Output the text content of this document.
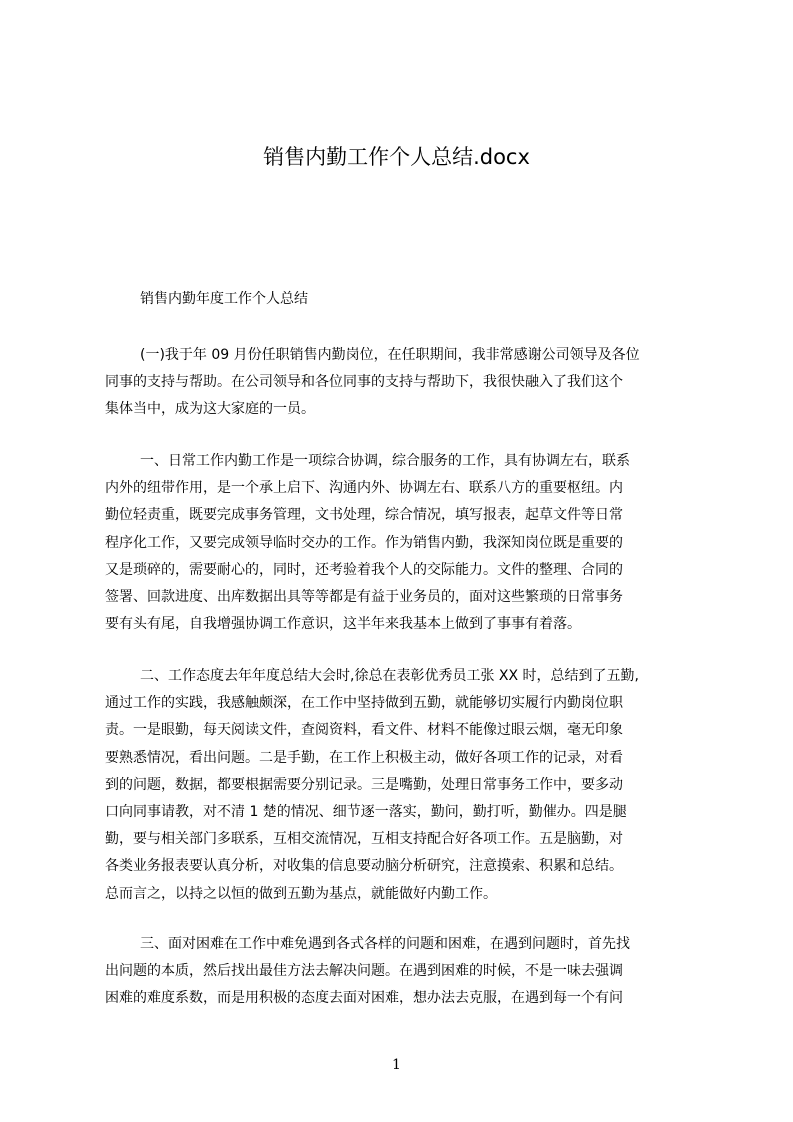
销售内勤工作个人总结.docx

销售内勤年度工作个人总结

(一)我于年 09 月份任职销售内勤岗位，在任职期间，我非常感谢公司领导及各位
同事的支持与帮助。在公司领导和各位同事的支持与帮助下，我很快融入了我们这个
集体当中，成为这大家庭的一员。
一、日常工作内勤工作是一项综合协调，综合服务的工作，具有协调左右，联系
内外的纽带作用，是一个承上启下、沟通内外、协调左右、联系八方的重要枢纽。内
勤位轻责重，既要完成事务管理，文书处理，综合情况，填写报表，起草文件等日常
程序化工作，又要完成领导临时交办的工作。作为销售内勤，我深知岗位既是重要的
又是琐碎的，需要耐心的，同时，还考验着我个人的交际能力。文件的整理、合同的
签署、回款进度、出库数据出具等等都是有益于业务员的，面对这些繁琐的日常事务
要有头有尾，自我增强协调工作意识，这半年来我基本上做到了事事有着落。
二、工作态度去年年度总结大会时,徐总在表彰优秀员工张 XX 时，总结到了五勤,
通过工作的实践，我感触颇深，在工作中坚持做到五勤，就能够切实履行内勤岗位职
责。一是眼勤，每天阅读文件，查阅资料，看文件、材料不能像过眼云烟，毫无印象
要熟悉情况，看出问题。二是手勤，在工作上积极主动，做好各项工作的记录，对看
到的问题，数据，都要根据需要分别记录。三是嘴勤，处理日常事务工作中，要多动
口向同事请教，对不清 1 楚的情况、细节逐一落实，勤问，勤打听，勤催办。四是腿
勤，要与相关部门多联系，互相交流情况，互相支持配合好各项工作。五是脑勤，对
各类业务报表要认真分析，对收集的信息要动脑分析研究，注意摸索、积累和总结。
总而言之，以持之以恒的做到五勤为基点，就能做好内勤工作。
三、面对困难在工作中难免遇到各式各样的问题和困难，在遇到问题时，首先找
出问题的本质，然后找出最佳方法去解决问题。在遇到困难的时候，不是一味去强调
困难的难度系数，而是用积极的态度去面对困难，想办法去克服，在遇到每一个有问
1
